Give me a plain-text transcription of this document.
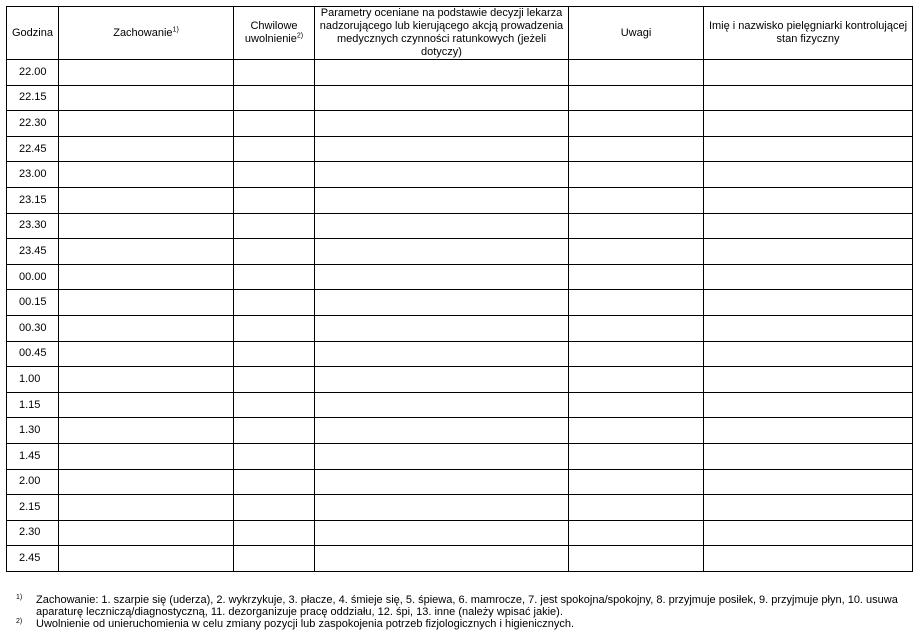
Godzina	Zachowanie$^{1)}$	Chwilowe uwolnienie$^{2)}$	Parametry oceniane na podstawie decyzji lekarza nadzorującego lub kierującego akcją prowadzenia medycznych czynności ratunkowych (jeżeli dotyczy)	Uwagi	Imię i nazwisko pielęgniarki kontrolującej stan fizyczny
22.00					
22.15					
22.30					
22.45					
23.00					
23.15					
23.30					
23.45					
00.00					
00.15					
00.30					
00.45					
1.00					
1.15					
1.30					
1.45					
2.00					
2.15					
2.30					
2.45					
1) Zachowanie: 1. szarpie się (uderza), 2. wykrzykuje, 3. płacze, 4. śmieje się, 5. śpiewa, 6. mamrocze, 7. jest spokojna/spokojny, 8. przyjmuje posiłek, 9. przyjmuje płyn, 10. usuwa aparaturę leczniczą/diagnostyczną, 11. dezorganizuje pracę oddziału, 12. śpi, 13. inne (należy wpisać jakie).
2) Uwolnienie od unieruchomienia w celu zmiany pozycji lub zaspokojenia potrzeb fizjologicznych i higienicznych.
